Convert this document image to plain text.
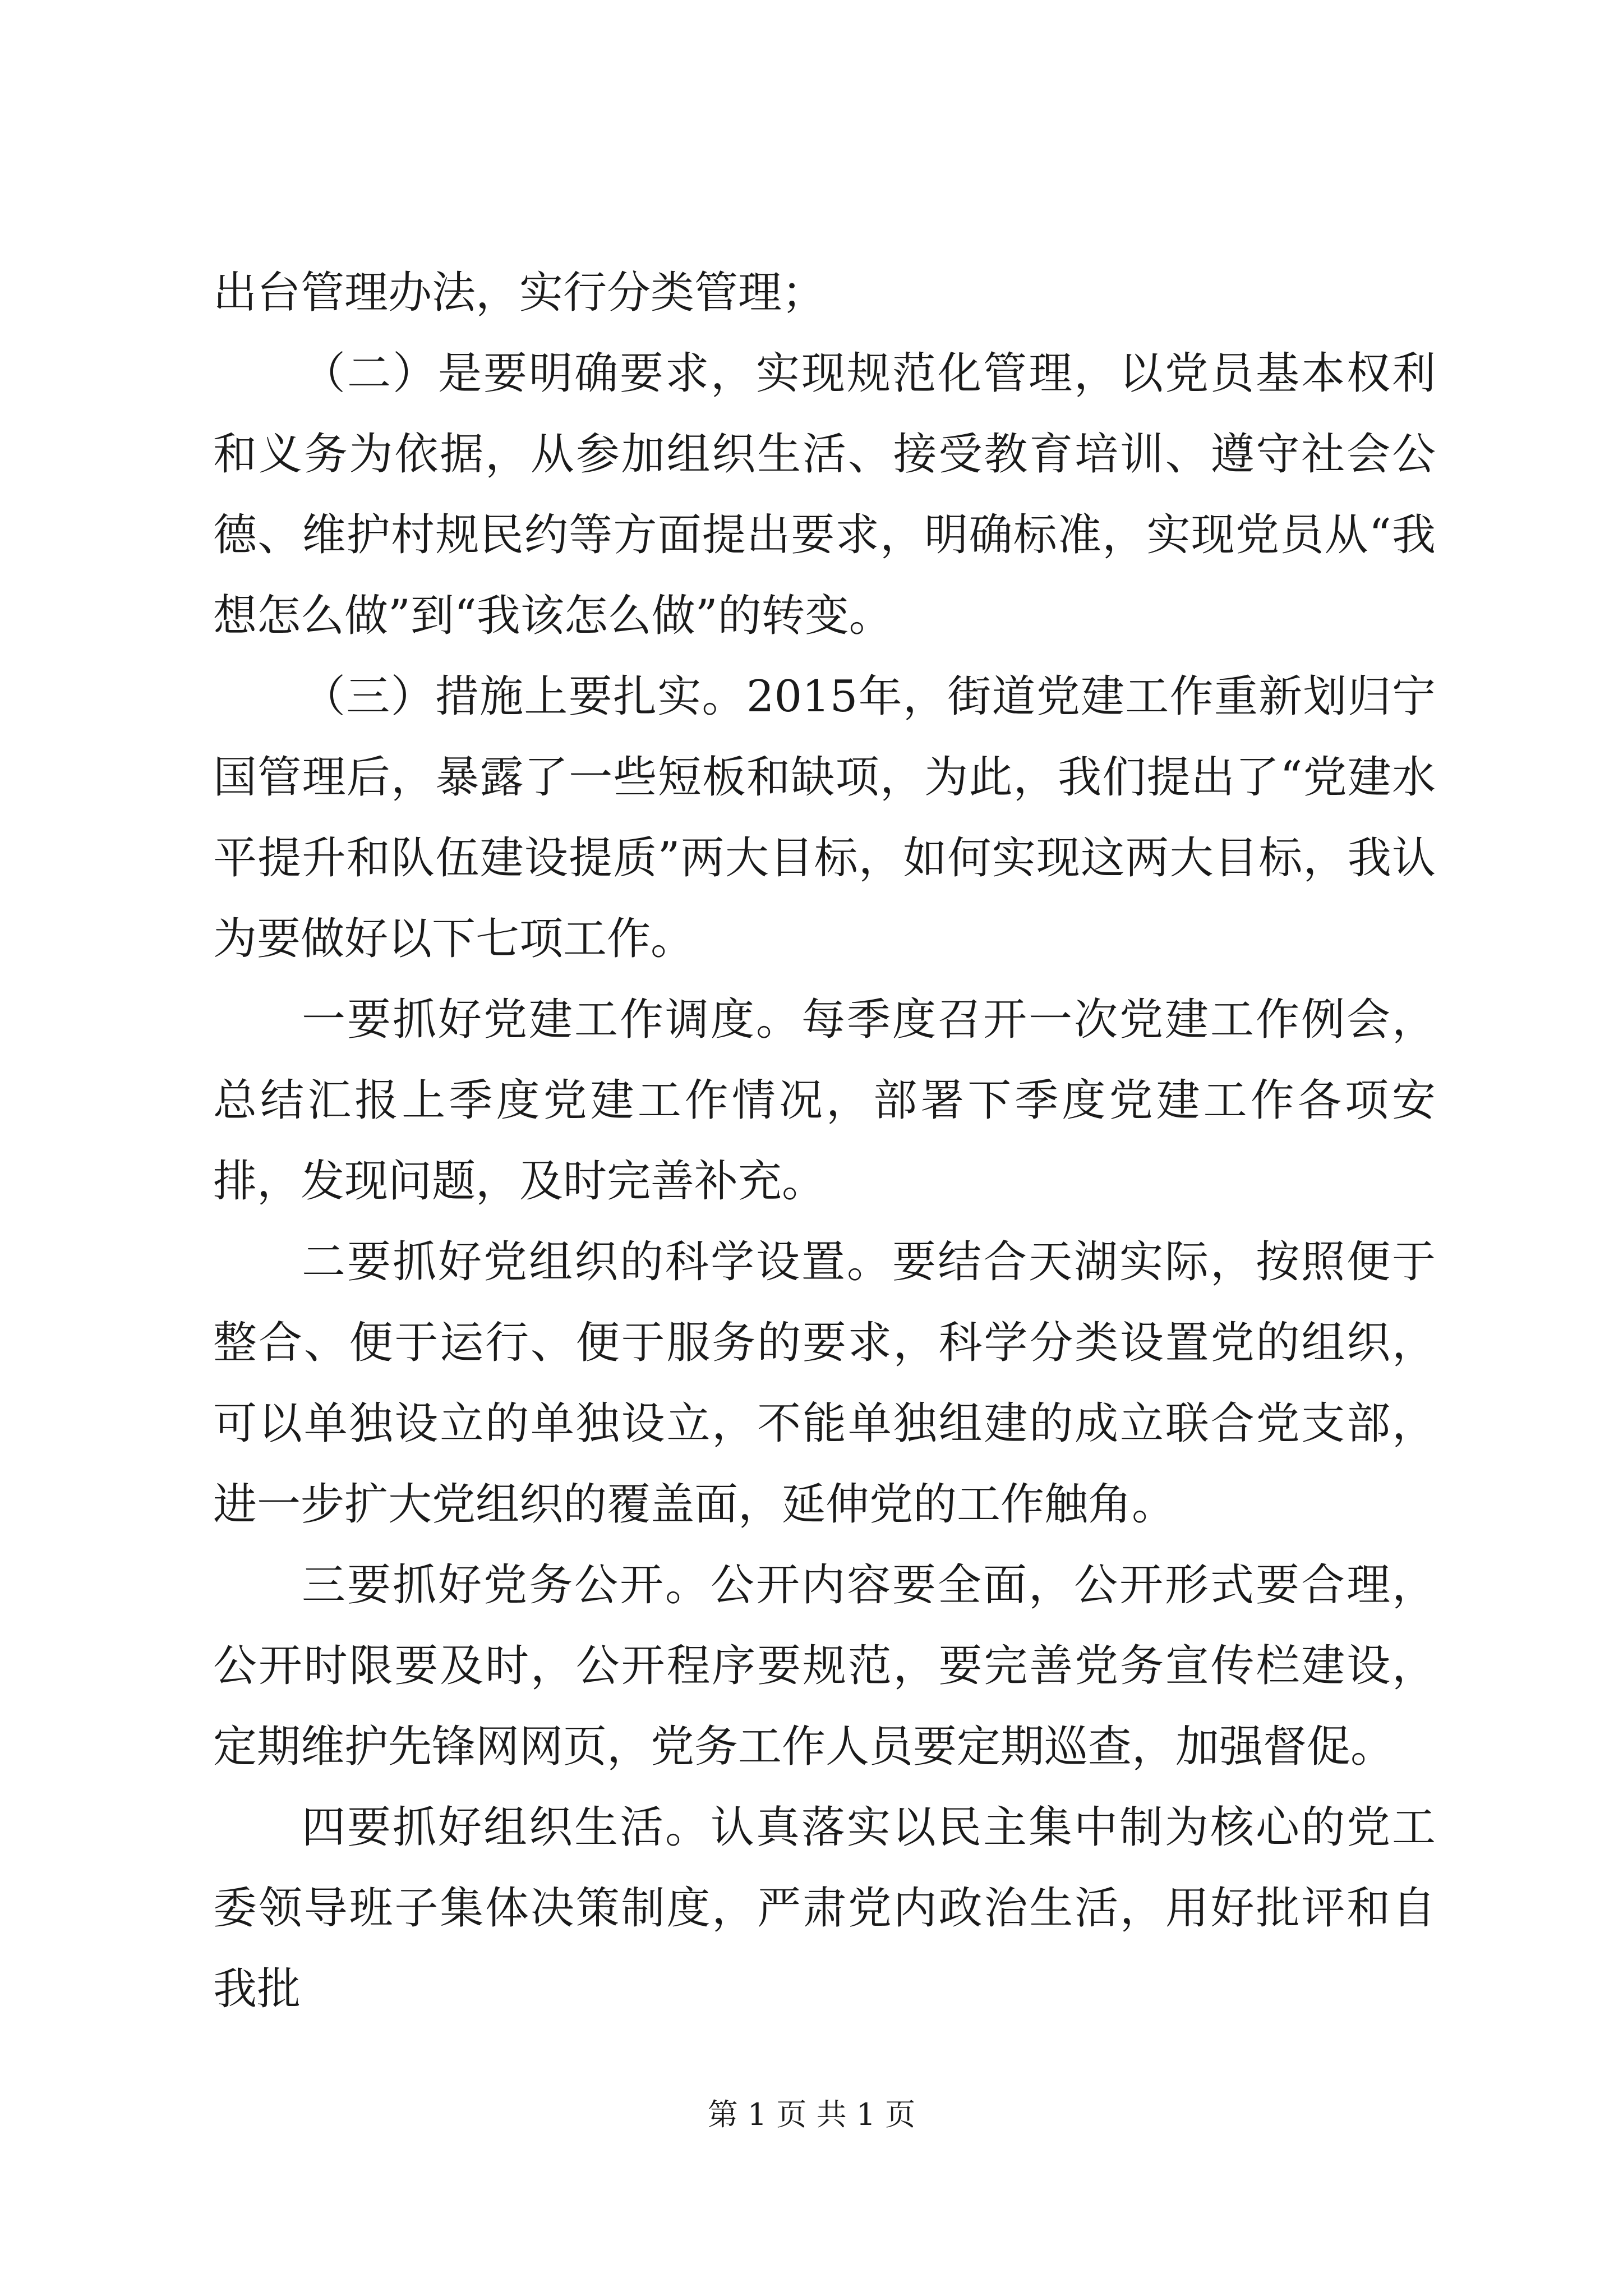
出台管理办法，实行分类管理；

（二）是要明确要求，实现规范化管理，以党员基本权利和义务为依据，从参加组织生活、接受教育培训、遵守社会公德、维护村规民约等方面提出要求，明确标准，实现党员从“我想怎么做”到“我该怎么做”的转变。

（三）措施上要扎实。2015年，街道党建工作重新划归宁国管理后，暴露了一些短板和缺项，为此，我们提出了“党建水平提升和队伍建设提质”两大目标，如何实现这两大目标，我认为要做好以下七项工作。

一要抓好党建工作调度。每季度召开一次党建工作例会，总结汇报上季度党建工作情况，部署下季度党建工作各项安排，发现问题，及时完善补充。

二要抓好党组织的科学设置。要结合天湖实际，按照便于整合、便于运行、便于服务的要求，科学分类设置党的组织，可以单独设立的单独设立，不能单独组建的成立联合党支部，进一步扩大党组织的覆盖面，延伸党的工作触角。

三要抓好党务公开。公开内容要全面，公开形式要合理，公开时限要及时，公开程序要规范，要完善党务宣传栏建设，定期维护先锋网网页，党务工作人员要定期巡查，加强督促。

四要抓好组织生活。认真落实以民主集中制为核心的党工委领导班子集体决策制度，严肃党内政治生活，用好批评和自我批

第 1 页 共 1 页
